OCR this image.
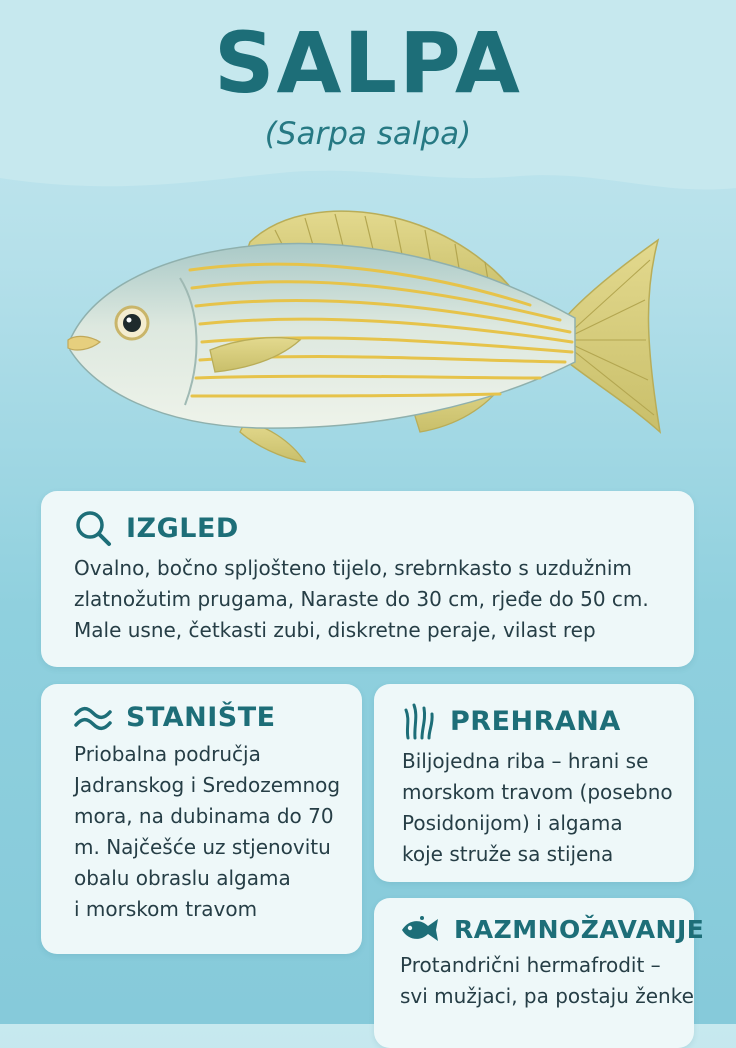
SALPA
(Sarpa salpa)
IZGLED
Ovalno, bočno spljošteno tijelo, srebrnkasto s uzdužnim
zlatnožutim prugama, Naraste do 30 cm, rjeđe do 50 cm.
Male usne, četkasti zubi, diskretne peraje, vilast rep
STANIŠTE
Priobalna područja
Jadranskog i Sredozemnog
mora, na dubinama do 70
m. Najčešće uz stjenovitu
obalu obraslu algama
i morskom travom
PREHRANA
Biljojedna riba – hrani se
morskom travom (posebno
Posidonijom) i algama
koje struže sa stijena
RAZMNOŽAVANJE
Protandrični hermafrodit –
svi mužjaci, pa postaju ženke
